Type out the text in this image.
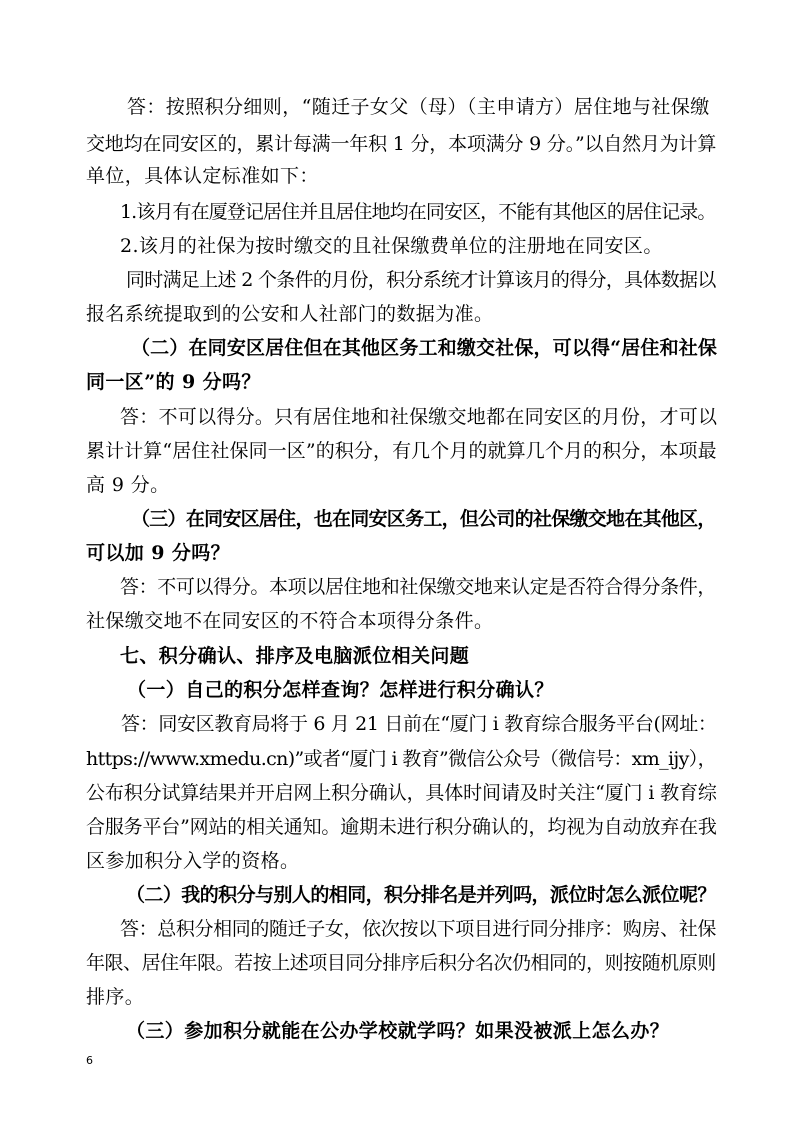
答：按照积分细则，“随迁子女父（母）（主申请方）居住地与社保缴
交地均在同安区的，累计每满一年积 1 分，本项满分 9 分。”以自然月为计算
单位，具体认定标准如下：
1.该月有在厦登记居住并且居住地均在同安区，不能有其他区的居住记录。
2.该月的社保为按时缴交的且社保缴费单位的注册地在同安区。
同时满足上述 2 个条件的月份，积分系统才计算该月的得分，具体数据以
报名系统提取到的公安和人社部门的数据为准。
（二）在同安区居住但在其他区务工和缴交社保，可以得“居住和社保
同一区”的 9 分吗？
答：不可以得分。只有居住地和社保缴交地都在同安区的月份，才可以
累计计算“居住社保同一区”的积分，有几个月的就算几个月的积分，本项最
高 9 分。
（三）在同安区居住，也在同安区务工，但公司的社保缴交地在其他区，
可以加 9 分吗？
答：不可以得分。本项以居住地和社保缴交地来认定是否符合得分条件，
社保缴交地不在同安区的不符合本项得分条件。
七、积分确认、排序及电脑派位相关问题
（一）自己的积分怎样查询？怎样进行积分确认？
答：同安区教育局将于 6 月 21 日前在“厦门 i 教育综合服务平台(网址：
https://www.xmedu.cn)”或者“厦门 i 教育”微信公众号（微信号：xm_ijy），
公布积分试算结果并开启网上积分确认，具体时间请及时关注“厦门 i 教育综
合服务平台”网站的相关通知。逾期未进行积分确认的，均视为自动放弃在我
区参加积分入学的资格。
（二）我的积分与别人的相同，积分排名是并列吗，派位时怎么派位呢？
答：总积分相同的随迁子女，依次按以下项目进行同分排序：购房、社保
年限、居住年限。若按上述项目同分排序后积分名次仍相同的，则按随机原则
排序。
（三）参加积分就能在公办学校就学吗？如果没被派上怎么办？
6
